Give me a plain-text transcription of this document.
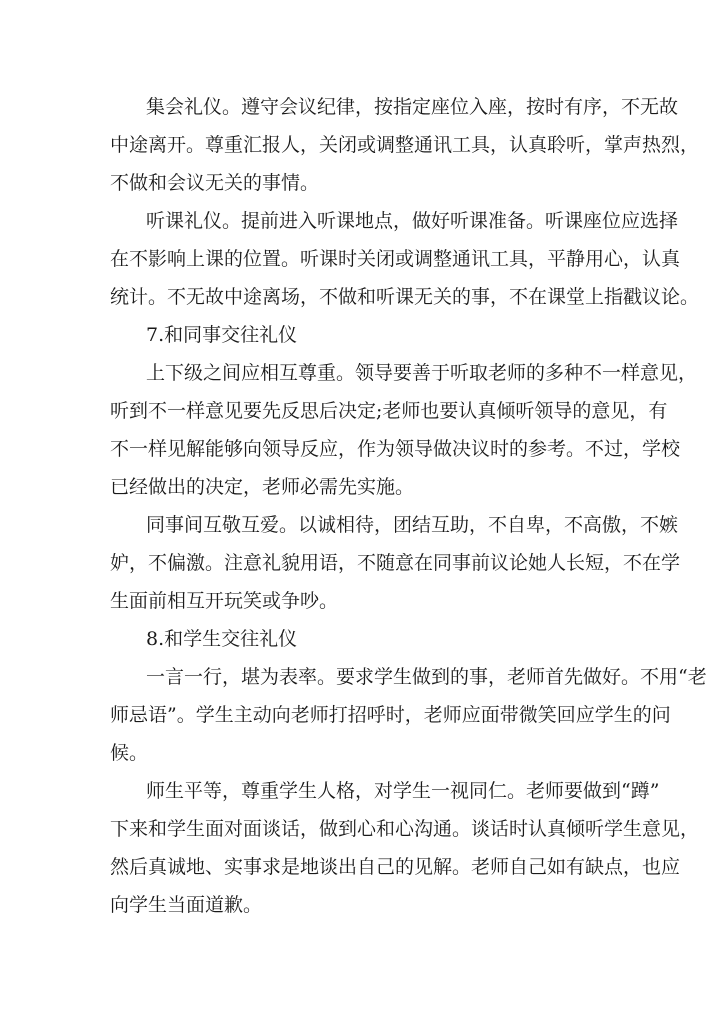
集会礼仪。遵守会议纪律，按指定座位入座，按时有序，不无故
中途离开。尊重汇报人，关闭或调整通讯工具，认真聆听，掌声热烈，
不做和会议无关的事情。
听课礼仪。提前进入听课地点，做好听课准备。听课座位应选择
在不影响上课的位置。听课时关闭或调整通讯工具，平静用心，认真
统计。不无故中途离场，不做和听课无关的事，不在课堂上指戳议论。
7.和同事交往礼仪
上下级之间应相互尊重。领导要善于听取老师的多种不一样意见，
听到不一样意见要先反思后决定;老师也要认真倾听领导的意见，有
不一样见解能够向领导反应，作为领导做决议时的参考。不过，学校
已经做出的决定，老师必需先实施。
同事间互敬互爱。以诚相待，团结互助，不自卑，不高傲，不嫉
妒，不偏激。注意礼貌用语，不随意在同事前议论她人长短，不在学
生面前相互开玩笑或争吵。
8.和学生交往礼仪
一言一行，堪为表率。要求学生做到的事，老师首先做好。不用“老
师忌语”。学生主动向老师打招呼时，老师应面带微笑回应学生的问
候。
师生平等，尊重学生人格，对学生一视同仁。老师要做到“蹲”
下来和学生面对面谈话，做到心和心沟通。谈话时认真倾听学生意见，
然后真诚地、实事求是地谈出自己的见解。老师自己如有缺点，也应
向学生当面道歉。
